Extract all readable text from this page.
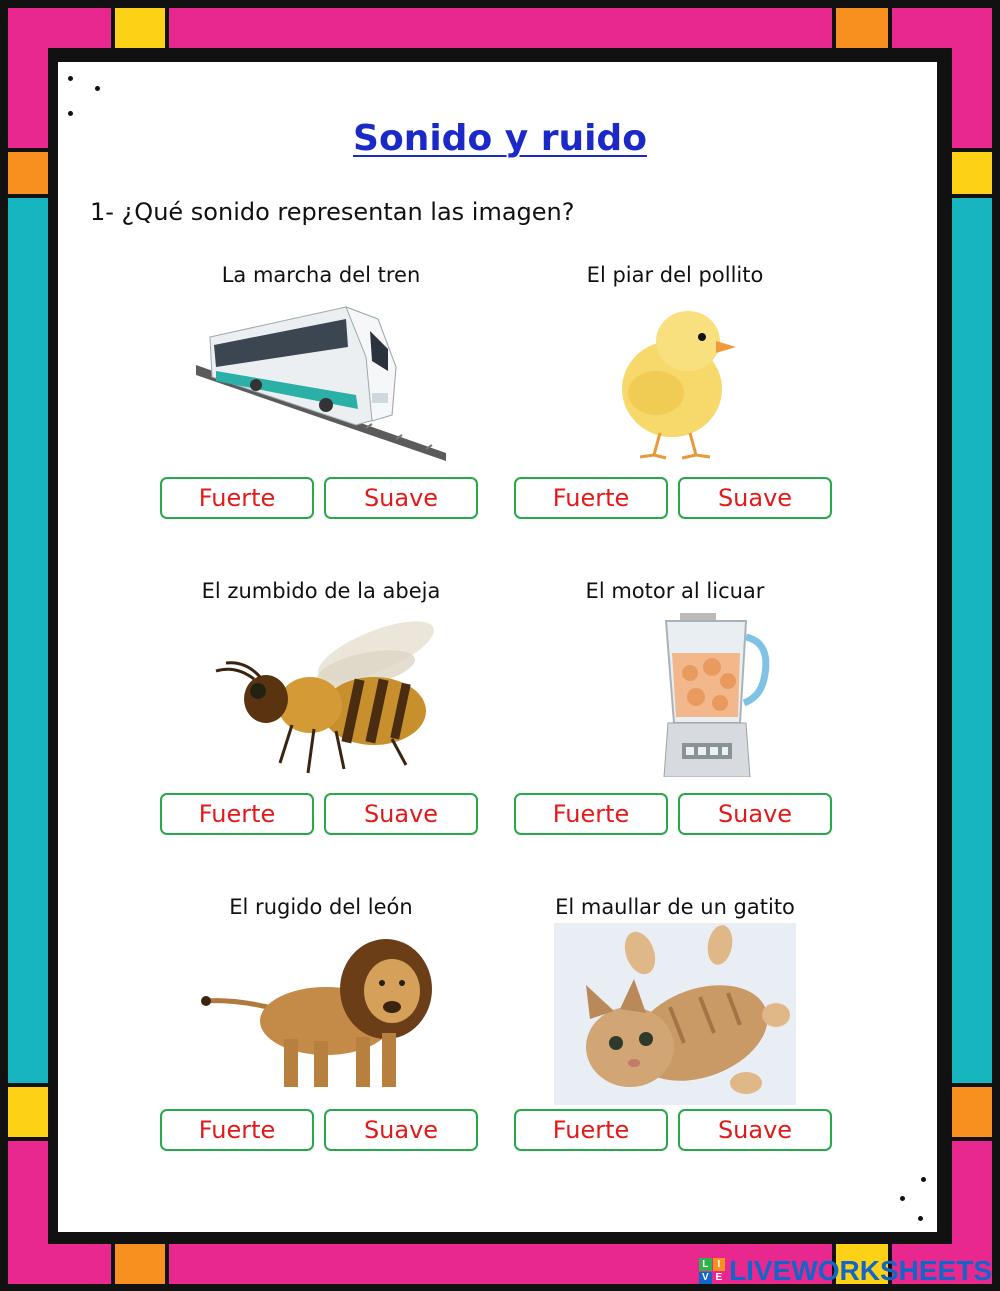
Sonido y ruido
1- ¿Qué sonido representan las imagen?
La marcha del tren
Fuerte	Suave
El piar del pollito
Fuerte	Suave
El zumbido de la abeja
Fuerte	Suave
El motor al licuar
Fuerte	Suave
El rugido del león
Fuerte	Suave
El maullar de un gatito
Fuerte	Suave
L I
V E LIVEWORKSHEETS
